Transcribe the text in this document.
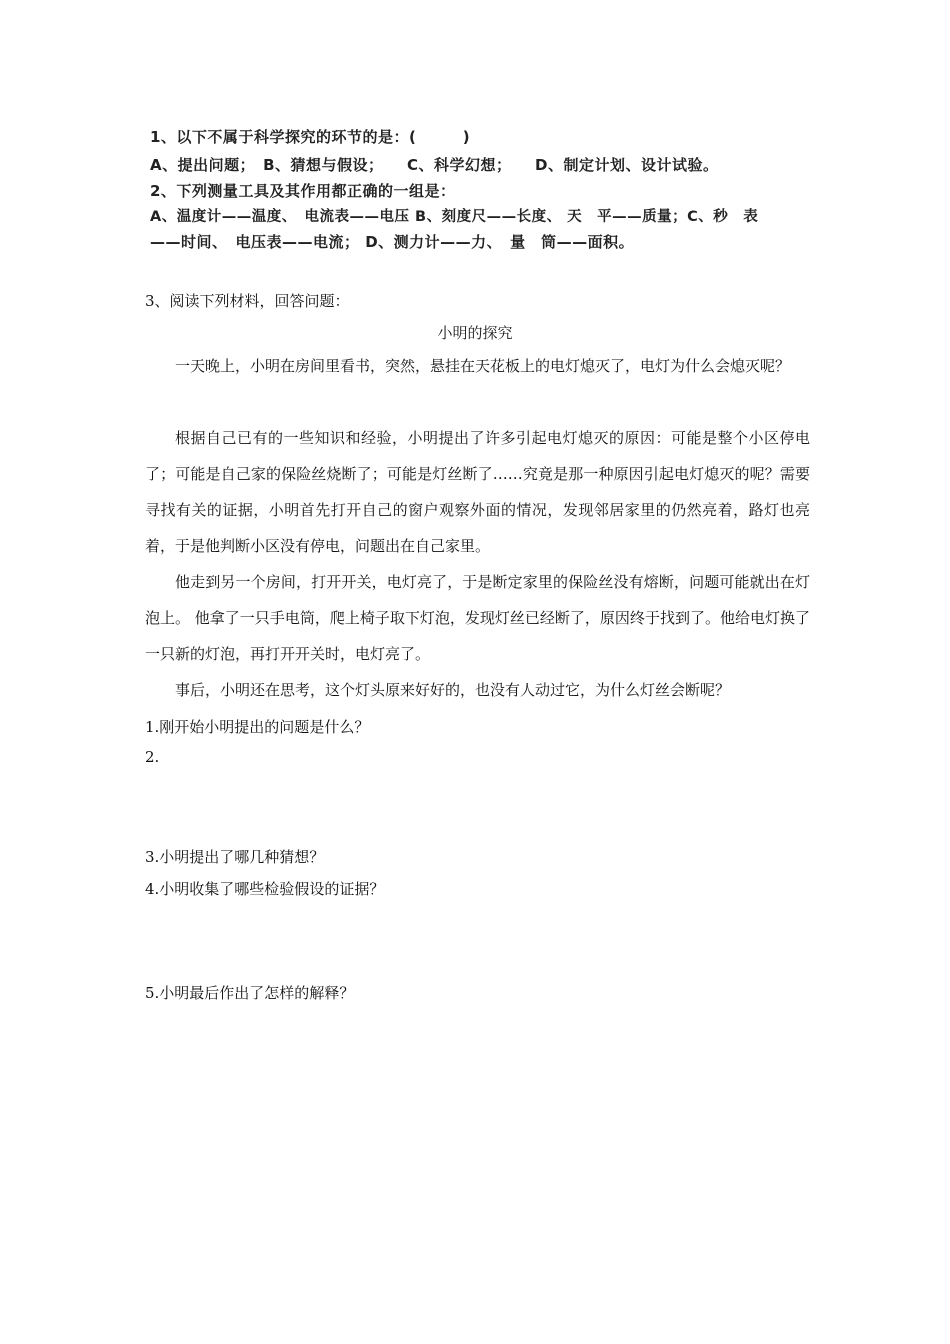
1、以下不属于科学探究的环节的是：(　　　)
A、提出问题；　B、猜想与假设；　　C、科学幻想；　　D、制定计划、设计试验。
2、下列测量工具及其作用都正确的一组是：
A、温度计——温度、　电流表——电压 B、刻度尺——长度、 天　平——质量；C、秒　表
——时间、　电压表——电流； D、测力计——力、　量　筒——面积。
3、阅读下列材料，回答问题：
小明的探究
一天晚上，小明在房间里看书，突然，悬挂在天花板上的电灯熄灭了，电灯为什么会熄灭呢？
根据自己已有的一些知识和经验，小明提出了许多引起电灯熄灭的原因：可能是整个小区停电了；可能是自己家的保险丝烧断了；可能是灯丝断了……究竟是那一种原因引起电灯熄灭的呢？需要寻找有关的证据，小明首先打开自己的窗户观察外面的情况，发现邻居家里的仍然亮着，路灯也亮着，于是他判断小区没有停电，问题出在自己家里。
他走到另一个房间，打开开关，电灯亮了，于是断定家里的保险丝没有熔断，问题可能就出在灯泡上。 他拿了一只手电筒，爬上椅子取下灯泡，发现灯丝已经断了，原因终于找到了。他给电灯换了一只新的灯泡，再打开开关时，电灯亮了。
事后，小明还在思考，这个灯头原来好好的，也没有人动过它，为什么灯丝会断呢？
1.刚开始小明提出的问题是什么？
2.
3.小明提出了哪几种猜想？
4.小明收集了哪些检验假设的证据？
5.小明最后作出了怎样的解释？
